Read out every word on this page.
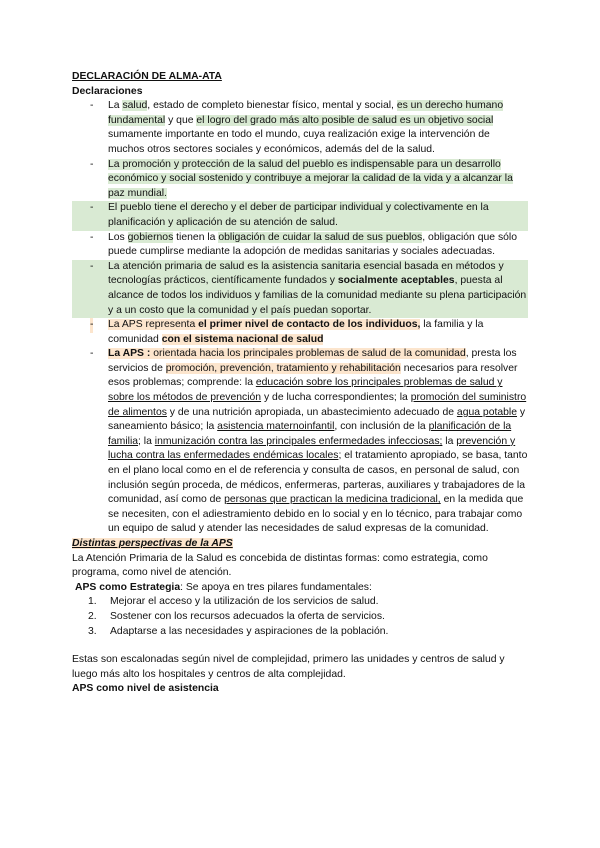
DECLARACIÓN DE ALMA-ATA
Declaraciones
- La salud, estado de completo bienestar físico, mental y social, es un derecho humano fundamental y que el logro del grado más alto posible de salud es un objetivo social sumamente importante en todo el mundo, cuya realización exige la intervención de muchos otros sectores sociales y económicos, además del de la salud.
- La promoción y protección de la salud del pueblo es indispensable para un desarrollo económico y social sostenido y contribuye a mejorar la calidad de la vida y a alcanzar la paz mundial.
- El pueblo tiene el derecho y el deber de participar individual y colectivamente en la planificación y aplicación de su atención de salud.
- Los gobiernos tienen la obligación de cuidar la salud de sus pueblos, obligación que sólo puede cumplirse mediante la adopción de medidas sanitarias y sociales adecuadas.
- La atención primaria de salud es la asistencia sanitaria esencial basada en métodos y tecnologías prácticos, científicamente fundados y socialmente aceptables, puesta al alcance de todos los individuos y familias de la comunidad mediante su plena participación y a un costo que la comunidad y el país puedan soportar.
- La APS representa el primer nivel de contacto de los individuos, la familia y la comunidad con el sistema nacional de salud
- La APS : orientada hacia los principales problemas de salud de la comunidad, presta los servicios de promoción, prevención, tratamiento y rehabilitación necesarios para resolver esos problemas; comprende: la educación sobre los principales problemas de salud y sobre los métodos de prevención y de lucha correspondientes; la promoción del suministro de alimentos y de una nutrición apropiada, un abastecimiento adecuado de agua potable y saneamiento básico; la asistencia maternoinfantil, con inclusión de la planificación de la familia; la inmunización contra las principales enfermedades infecciosas; la prevención y lucha contra las enfermedades endémicas locales; el tratamiento apropiado, se basa, tanto en el plano local como en el de referencia y consulta de casos, en personal de salud, con inclusión según proceda, de médicos, enfermeras, parteras, auxiliares y trabajadores de la comunidad, así como de personas que practican la medicina tradicional, en la medida que se necesiten, con el adiestramiento debido en lo social y en lo técnico, para trabajar como un equipo de salud y atender las necesidades de salud expresas de la comunidad.
Distintas perspectivas de la APS
La Atención Primaria de la Salud es concebida de distintas formas: como estrategia, como programa, como nivel de atención.
APS como Estrategia: Se apoya en tres pilares fundamentales:
1. Mejorar el acceso y la utilización de los servicios de salud.
2. Sostener con los recursos adecuados la oferta de servicios.
3. Adaptarse a las necesidades y aspiraciones de la población.
Estas son escalonadas según nivel de complejidad, primero las unidades y centros de salud y luego más alto los hospitales y centros de alta complejidad.
APS como nivel de asistencia
